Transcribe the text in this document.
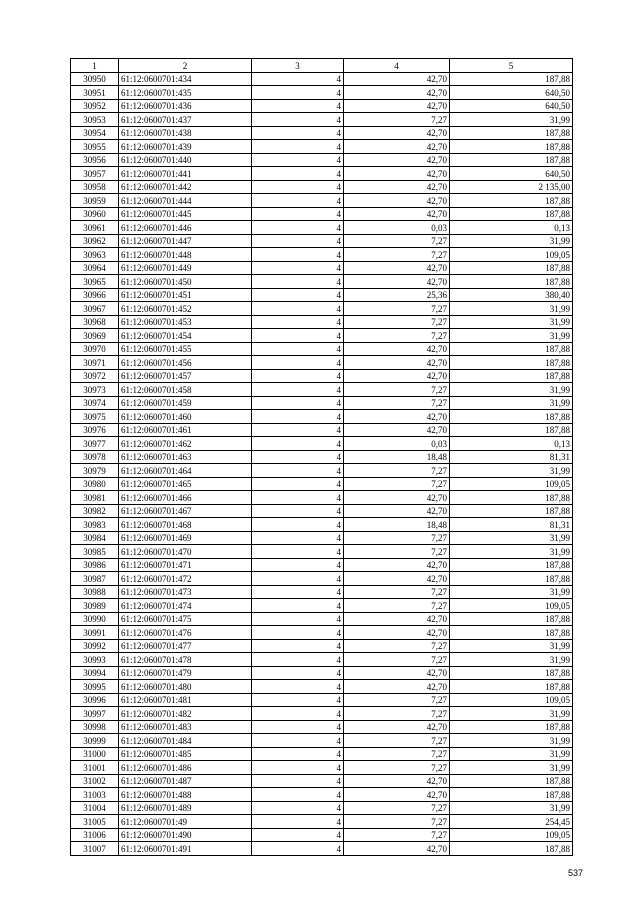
1	2	3	4	5
30950	61:12:0600701:434	4	42,70	187,88
30951	61:12:0600701:435	4	42,70	640,50
30952	61:12:0600701:436	4	42,70	640,50
30953	61:12:0600701:437	4	7,27	31,99
30954	61:12:0600701:438	4	42,70	187,88
30955	61:12:0600701:439	4	42,70	187,88
30956	61:12:0600701:440	4	42,70	187,88
30957	61:12:0600701:441	4	42,70	640,50
30958	61:12:0600701:442	4	42,70	2 135,00
30959	61:12:0600701:444	4	42,70	187,88
30960	61:12:0600701:445	4	42,70	187,88
30961	61:12:0600701:446	4	0,03	0,13
30962	61:12:0600701:447	4	7,27	31,99
30963	61:12:0600701:448	4	7,27	109,05
30964	61:12:0600701:449	4	42,70	187,88
30965	61:12:0600701:450	4	42,70	187,88
30966	61:12:0600701:451	4	25,36	380,40
30967	61:12:0600701:452	4	7,27	31,99
30968	61:12:0600701:453	4	7,27	31,99
30969	61:12:0600701:454	4	7,27	31,99
30970	61:12:0600701:455	4	42,70	187,88
30971	61:12:0600701:456	4	42,70	187,88
30972	61:12:0600701:457	4	42,70	187,88
30973	61:12:0600701:458	4	7,27	31,99
30974	61:12:0600701:459	4	7,27	31,99
30975	61:12:0600701:460	4	42,70	187,88
30976	61:12:0600701:461	4	42,70	187,88
30977	61:12:0600701:462	4	0,03	0,13
30978	61:12:0600701:463	4	18,48	81,31
30979	61:12:0600701:464	4	7,27	31,99
30980	61:12:0600701:465	4	7,27	109,05
30981	61:12:0600701:466	4	42,70	187,88
30982	61:12:0600701:467	4	42,70	187,88
30983	61:12:0600701:468	4	18,48	81,31
30984	61:12:0600701:469	4	7,27	31,99
30985	61:12:0600701:470	4	7,27	31,99
30986	61:12:0600701:471	4	42,70	187,88
30987	61:12:0600701:472	4	42,70	187,88
30988	61:12:0600701:473	4	7,27	31,99
30989	61:12:0600701:474	4	7,27	109,05
30990	61:12:0600701:475	4	42,70	187,88
30991	61:12:0600701:476	4	42,70	187,88
30992	61:12:0600701:477	4	7,27	31,99
30993	61:12:0600701:478	4	7,27	31,99
30994	61:12:0600701:479	4	42,70	187,88
30995	61:12:0600701:480	4	42,70	187,88
30996	61:12:0600701:481	4	7,27	109,05
30997	61:12:0600701:482	4	7,27	31,99
30998	61:12:0600701:483	4	42,70	187,88
30999	61:12:0600701:484	4	7,27	31,99
31000	61:12:0600701:485	4	7,27	31,99
31001	61:12:0600701:486	4	7,27	31,99
31002	61:12:0600701:487	4	42,70	187,88
31003	61:12:0600701:488	4	42,70	187,88
31004	61:12:0600701:489	4	7,27	31,99
31005	61:12:0600701:49	4	7,27	254,45
31006	61:12:0600701:490	4	7,27	109,05
31007	61:12:0600701:491	4	42,70	187,88
537
